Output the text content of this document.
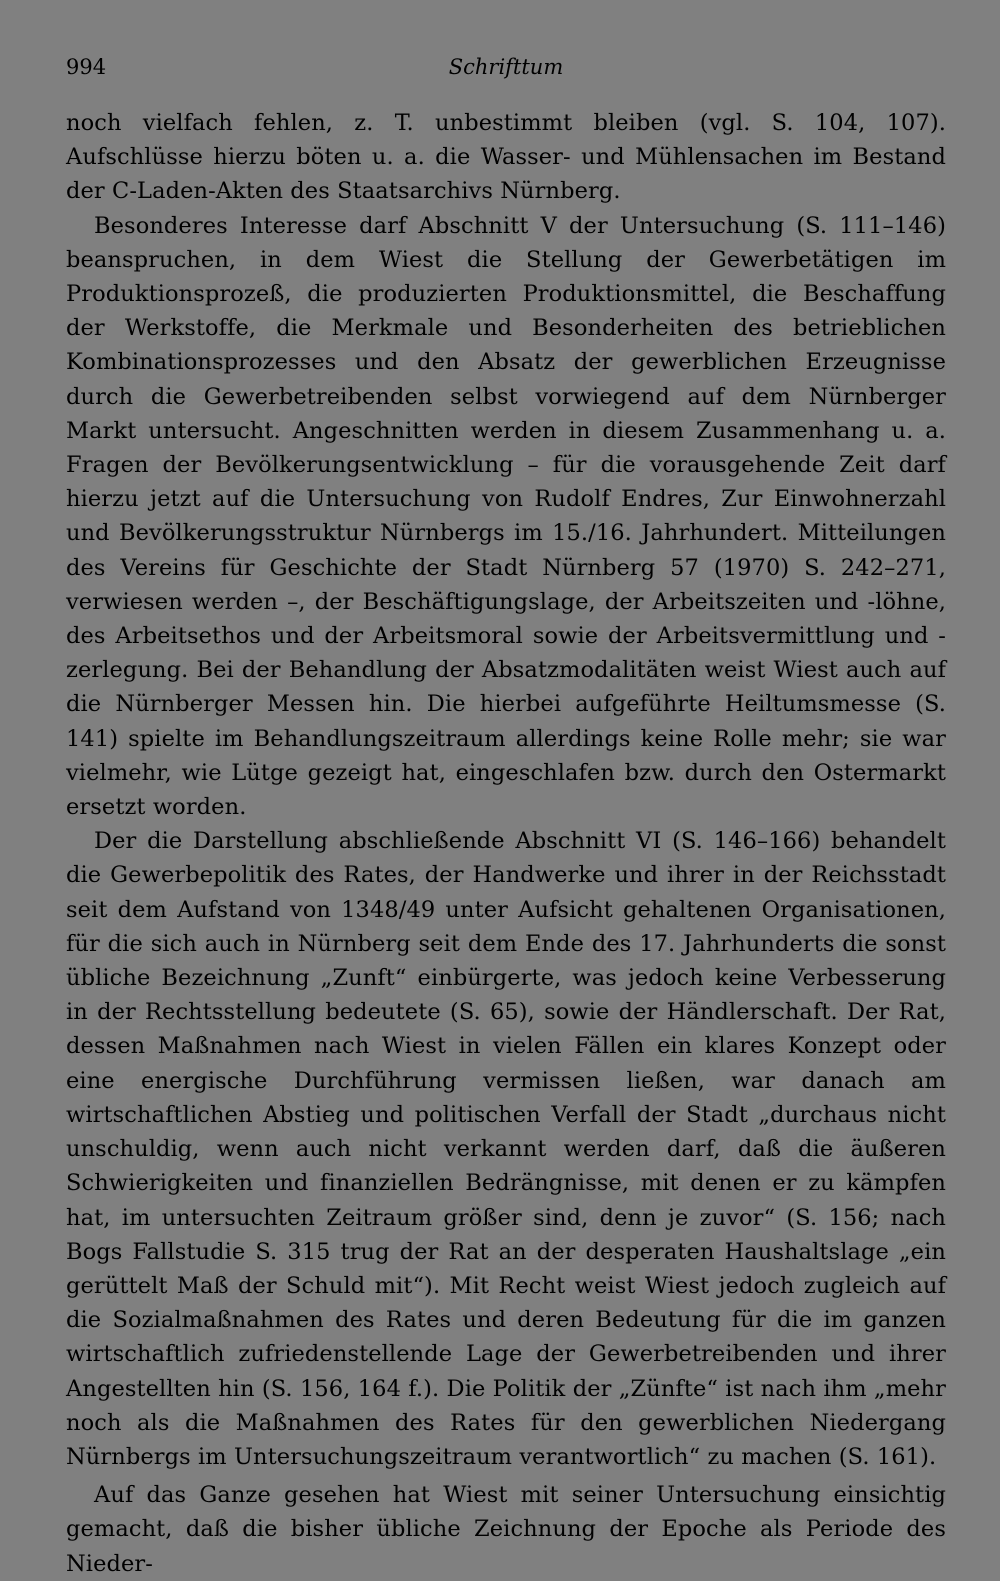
994	Schrifttum

noch vielfach fehlen, z. T. unbestimmt bleiben (vgl. S. 104, 107). Aufschlüsse hierzu böten u. a. die Wasser- und Mühlensachen im Bestand der C-Laden-Akten des Staatsarchivs Nürnberg.

Besonderes Interesse darf Abschnitt V der Untersuchung (S. 111–146) beanspruchen, in dem Wiest die Stellung der Gewerbetätigen im Produktionsprozeß, die produzierten Produktionsmittel, die Beschaffung der Werkstoffe, die Merkmale und Besonderheiten des betrieblichen Kombinationsprozesses und den Absatz der gewerblichen Erzeugnisse durch die Gewerbetreibenden selbst vorwiegend auf dem Nürnberger Markt untersucht. Angeschnitten werden in diesem Zusammenhang u. a. Fragen der Bevölkerungsentwicklung – für die vorausgehende Zeit darf hierzu jetzt auf die Untersuchung von Rudolf Endres, Zur Einwohnerzahl und Bevölkerungsstruktur Nürnbergs im 15./16. Jahrhundert. Mitteilungen des Vereins für Geschichte der Stadt Nürnberg 57 (1970) S. 242–271, verwiesen werden –, der Beschäftigungslage, der Arbeitszeiten und -löhne, des Arbeitsethos und der Arbeitsmoral sowie der Arbeitsvermittlung und -zerlegung. Bei der Behandlung der Absatzmodalitäten weist Wiest auch auf die Nürnberger Messen hin. Die hierbei aufgeführte Heiltumsmesse (S. 141) spielte im Behandlungszeitraum allerdings keine Rolle mehr; sie war vielmehr, wie Lütge gezeigt hat, eingeschlafen bzw. durch den Ostermarkt ersetzt worden.

Der die Darstellung abschließende Abschnitt VI (S. 146–166) behandelt die Gewerbepolitik des Rates, der Handwerke und ihrer in der Reichsstadt seit dem Aufstand von 1348/49 unter Aufsicht gehaltenen Organisationen, für die sich auch in Nürnberg seit dem Ende des 17. Jahrhunderts die sonst übliche Bezeichnung „Zunft“ einbürgerte, was jedoch keine Verbesserung in der Rechtsstellung bedeutete (S. 65), sowie der Händlerschaft. Der Rat, dessen Maßnahmen nach Wiest in vielen Fällen ein klares Konzept oder eine energische Durchführung vermissen ließen, war danach am wirtschaftlichen Abstieg und politischen Verfall der Stadt „durchaus nicht unschuldig, wenn auch nicht verkannt werden darf, daß die äußeren Schwierigkeiten und finanziellen Bedrängnisse, mit denen er zu kämpfen hat, im untersuchten Zeitraum größer sind, denn je zuvor“ (S. 156; nach Bogs Fallstudie S. 315 trug der Rat an der desperaten Haushaltslage „ein gerüttelt Maß der Schuld mit“). Mit Recht weist Wiest jedoch zugleich auf die Sozialmaßnahmen des Rates und deren Bedeutung für die im ganzen wirtschaftlich zufriedenstellende Lage der Gewerbetreibenden und ihrer Angestellten hin (S. 156, 164 f.). Die Politik der „Zünfte“ ist nach ihm „mehr noch als die Maßnahmen des Rates für den gewerblichen Niedergang Nürnbergs im Untersuchungszeitraum verantwortlich“ zu machen (S. 161).

Auf das Ganze gesehen hat Wiest mit seiner Untersuchung einsichtig gemacht, daß die bisher übliche Zeichnung der Epoche als Periode des Nieder-
